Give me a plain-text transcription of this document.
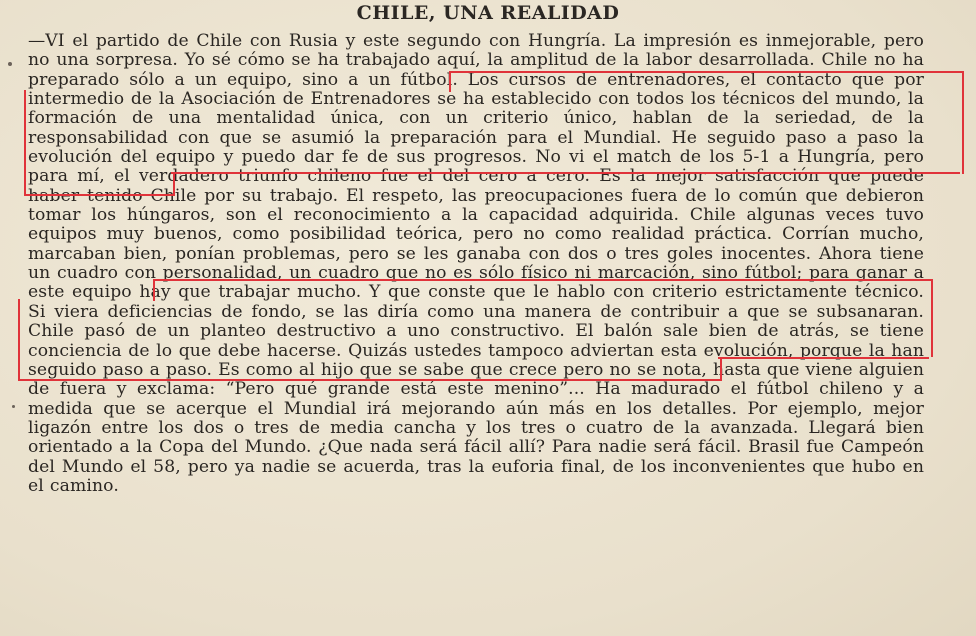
CHILE, UNA REALIDAD

—VI el partido de Chile con Rusia y este segundo con Hungría. La impresión es inmejorable, pero no una sorpresa. Yo sé cómo se ha trabajado aquí, la amplitud de la labor desarrollada. Chile no ha preparado sólo a un equipo, sino a un fútbol. Los cursos de entrenadores, el contacto que por intermedio de la Asociación de Entrenadores se ha establecido con todos los técnicos del mundo, la formación de una mentalidad única, con un criterio único, hablan de la seriedad, de la responsabilidad con que se asumió la preparación para el Mundial. He seguido paso a paso la evolución del equipo y puedo dar fe de sus progresos. No vi el match de los 5-1 a Hungría, pero para mí, el verdadero triunfo chileno fue el del cero a cero. Es la mejor satisfacción que puede haber tenido Chile por su trabajo. El respeto, las preocupaciones fuera de lo común que debieron tomar los húngaros, son el reconocimiento a la capacidad adquirida. Chile algunas veces tuvo equipos muy buenos, como posibilidad teórica, pero no como realidad práctica. Corrían mucho, marcaban bien, ponían problemas, pero se les ganaba con dos o tres goles inocentes. Ahora tiene un cuadro con personalidad, un cuadro que no es sólo físico ni marcación, sino fútbol; para ganar a este equipo hay que trabajar mucho. Y que conste que le hablo con criterio estrictamente técnico. Si viera deficiencias de fondo, se las diría como una manera de contribuir a que se subsanaran. Chile pasó de un planteo destructivo a uno constructivo. El balón sale bien de atrás, se tiene conciencia de lo que debe hacerse. Quizás ustedes tampoco adviertan esta evolución, porque la han seguido paso a paso. Es como al hijo que se sabe que crece pero no se nota, hasta que viene alguien de fuera y exclama: “Pero qué grande está este menino”... Ha madurado el fútbol chileno y a medida que se acerque el Mundial irá mejorando aún más en los detalles. Por ejemplo, mejor ligazón entre los dos o tres de media cancha y los tres o cuatro de la avanzada. Llegará bien orientado a la Copa del Mundo. ¿Que nada será fácil allí? Para nadie será fácil. Brasil fue Campeón del Mundo el 58, pero ya nadie se acuerda, tras la euforia final, de los inconvenientes que hubo en el camino.
